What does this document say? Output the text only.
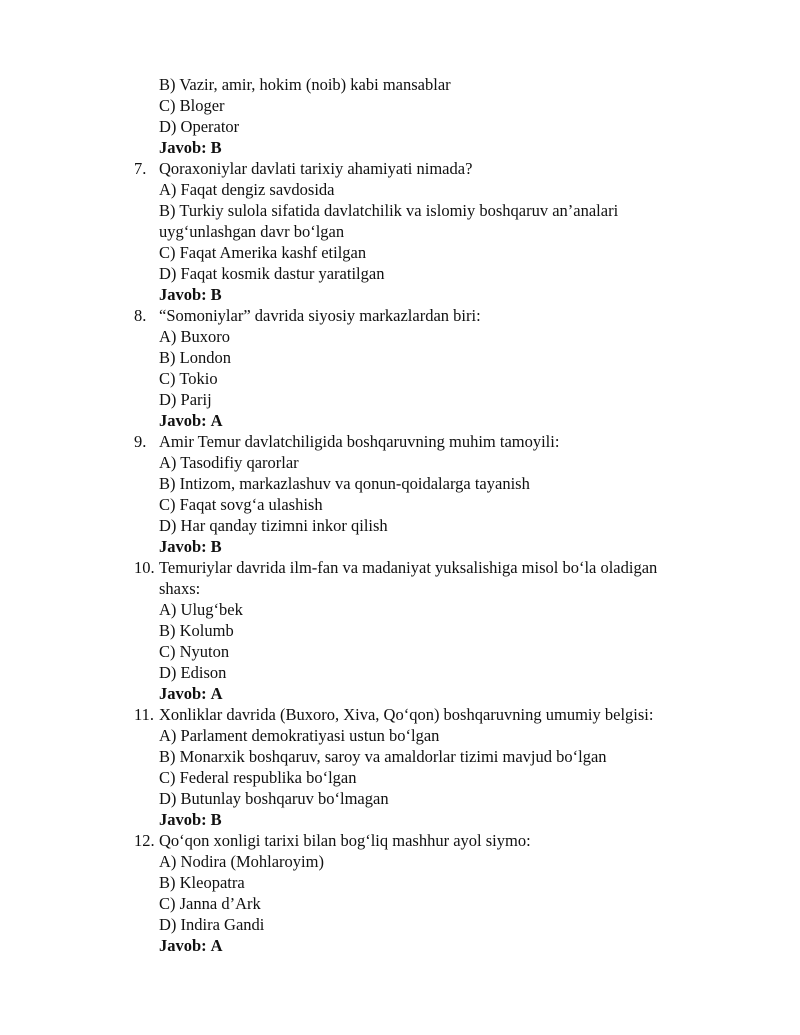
B) Vazir, amir, hokim (noib) kabi mansablar
C) Bloger
D) Operator
Javob: B
7. Qoraxoniylar davlati tarixiy ahamiyati nimada?
A) Faqat dengiz savdosida
B) Turkiy sulola sifatida davlatchilik va islomiy boshqaruv an’analari
uyg‘unlashgan davr bo‘lgan
C) Faqat Amerika kashf etilgan
D) Faqat kosmik dastur yaratilgan
Javob: B
8. “Somoniylar” davrida siyosiy markazlardan biri:
A) Buxoro
B) London
C) Tokio
D) Parij
Javob: A
9. Amir Temur davlatchiligida boshqaruvning muhim tamoyili:
A) Tasodifiy qarorlar
B) Intizom, markazlashuv va qonun-qoidalarga tayanish
C) Faqat sovg‘a ulashish
D) Har qanday tizimni inkor qilish
Javob: B
10. Temuriylar davrida ilm-fan va madaniyat yuksalishiga misol bo‘la oladigan
shaxs:
A) Ulug‘bek
B) Kolumb
C) Nyuton
D) Edison
Javob: A
11. Xonliklar davrida (Buxoro, Xiva, Qo‘qon) boshqaruvning umumiy belgisi:
A) Parlament demokratiyasi ustun bo‘lgan
B) Monarxik boshqaruv, saroy va amaldorlar tizimi mavjud bo‘lgan
C) Federal respublika bo‘lgan
D) Butunlay boshqaruv bo‘lmagan
Javob: B
12. Qo‘qon xonligi tarixi bilan bog‘liq mashhur ayol siymo:
A) Nodira (Mohlaroyim)
B) Kleopatra
C) Janna d’Ark
D) Indira Gandi
Javob: A
